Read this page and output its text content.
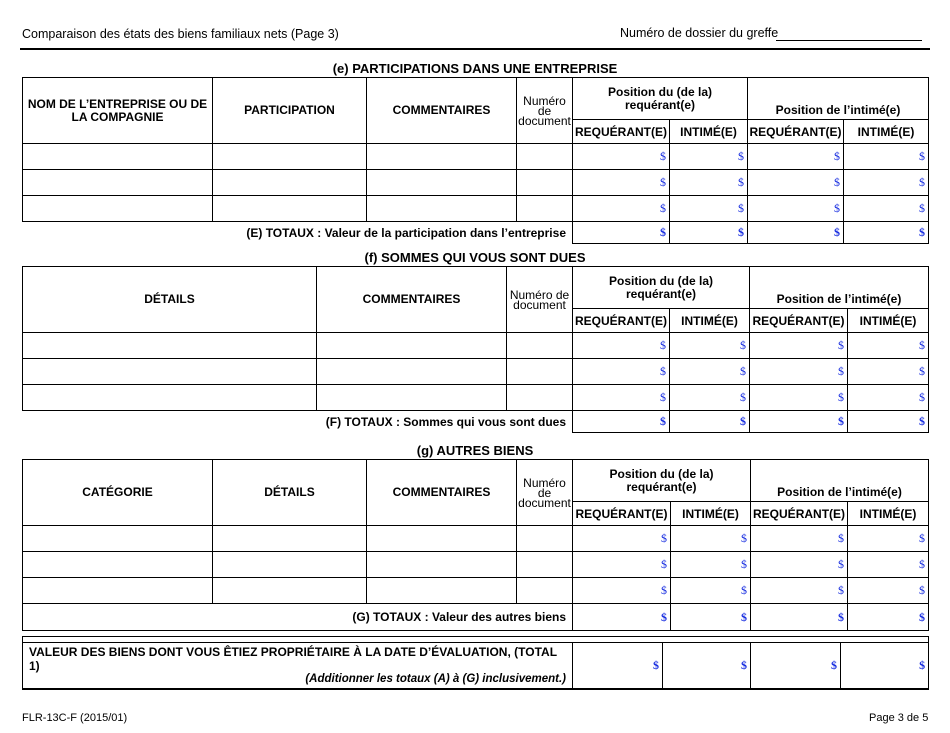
Comparaison des états des biens familiaux nets (Page 3)	Numéro de dossier du greffe
(e) PARTICIPATIONS DANS UNE ENTREPRISE
NOM DE L’ENTREPRISE OU DE LA COMPAGNIE	PARTICIPATION	COMMENTAIRES	Numéro de document	Position du (de la) requérant(e)		Position de l’intimé(e)	
				REQUÉRANT(E)	INTIMÉ(E)	REQUÉRANT(E)	INTIMÉ(E)
				$	$	$	$
				$	$	$	$
				$	$	$	$
(E) TOTAUX : Valeur de la participation dans l’entreprise				$	$	$	$
(f) SOMMES QUI VOUS SONT DUES
DÉTAILS	COMMENTAIRES	Numéro de document	Position du (de la) requérant(e)		Position de l’intimé(e)	
			REQUÉRANT(E)	INTIMÉ(E)	REQUÉRANT(E)	INTIMÉ(E)
			$	$	$	$
			$	$	$	$
			$	$	$	$
(F) TOTAUX : Sommes qui vous sont dues			$	$	$	$
(g) AUTRES BIENS
CATÉGORIE	DÉTAILS	COMMENTAIRES	Numéro de document	Position du (de la) requérant(e)		Position de l’intimé(e)	
				REQUÉRANT(E)	INTIMÉ(E)	REQUÉRANT(E)	INTIMÉ(E)
				$	$	$	$
				$	$	$	$
				$	$	$	$
(G) TOTAUX : Valeur des autres biens				$	$	$	$

VALEUR DES BIENS DONT VOUS ÊTIEZ PROPRIÉTAIRE À LA DATE D’ÉVALUATION, (TOTAL 1)
(Additionner les totaux (A) à (G) inclusivement.)
	$	$	$	$
FLR-13C-F (2015/01)	Page 3 de 5
